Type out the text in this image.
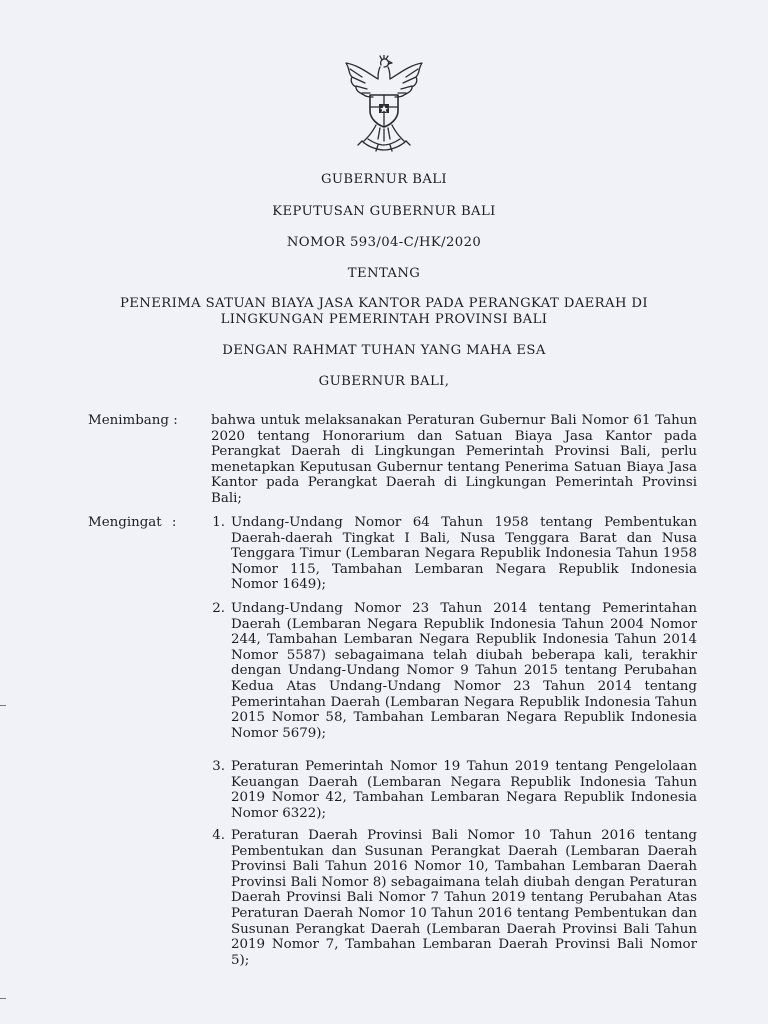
GUBERNUR BALI
KEPUTUSAN GUBERNUR BALI
NOMOR 593/04-C/HK/2020
TENTANG
PENERIMA SATUAN BIAYA JASA KANTOR PADA PERANGKAT DAERAH DI
LINGKUNGAN PEMERINTAH PROVINSI BALI
DENGAN RAHMAT TUHAN YANG MAHA ESA
GUBERNUR BALI,
Menimbang : bahwa untuk melaksanakan Peraturan Gubernur Bali Nomor 61 Tahun 2020 tentang Honorarium dan Satuan Biaya Jasa Kantor pada Perangkat Daerah di Lingkungan Pemerintah Provinsi Bali, perlu menetapkan Keputusan Gubernur tentang Penerima Satuan Biaya Jasa Kantor pada Perangkat Daerah di Lingkungan Pemerintah Provinsi Bali;
Mengingat :	1. Undang-Undang Nomor 64 Tahun 1958 tentang Pembentukan Daerah-daerah Tingkat I Bali, Nusa Tenggara Barat dan Nusa Tenggara Timur (Lembaran Negara Republik Indonesia Tahun 1958 Nomor 115, Tambahan Lembaran Negara Republik Indonesia Nomor 1649);
2. Undang-Undang Nomor 23 Tahun 2014 tentang Pemerintahan Daerah (Lembaran Negara Republik Indonesia Tahun 2004 Nomor 244, Tambahan Lembaran Negara Republik Indonesia Tahun 2014 Nomor 5587) sebagaimana telah diubah beberapa kali, terakhir dengan Undang-Undang Nomor 9 Tahun 2015 tentang Perubahan Kedua Atas Undang-Undang Nomor 23 Tahun 2014 tentang Pemerintahan Daerah (Lembaran Negara Republik Indonesia Tahun 2015 Nomor 58, Tambahan Lembaran Negara Republik Indonesia Nomor 5679);
3. Peraturan Pemerintah Nomor 19 Tahun 2019 tentang Pengelolaan Keuangan Daerah (Lembaran Negara Republik Indonesia Tahun 2019 Nomor 42, Tambahan Lembaran Negara Republik Indonesia Nomor 6322);
4. Peraturan Daerah Provinsi Bali Nomor 10 Tahun 2016 tentang Pembentukan dan Susunan Perangkat Daerah (Lembaran Daerah Provinsi Bali Tahun 2016 Nomor 10, Tambahan Lembaran Daerah Provinsi Bali Nomor 8) sebagaimana telah diubah dengan Peraturan Daerah Provinsi Bali Nomor 7 Tahun 2019 tentang Perubahan Atas Peraturan Daerah Nomor 10 Tahun 2016 tentang Pembentukan dan Susunan Perangkat Daerah (Lembaran Daerah Provinsi Bali Tahun 2019 Nomor 7, Tambahan Lembaran Daerah Provinsi Bali Nomor 5);
